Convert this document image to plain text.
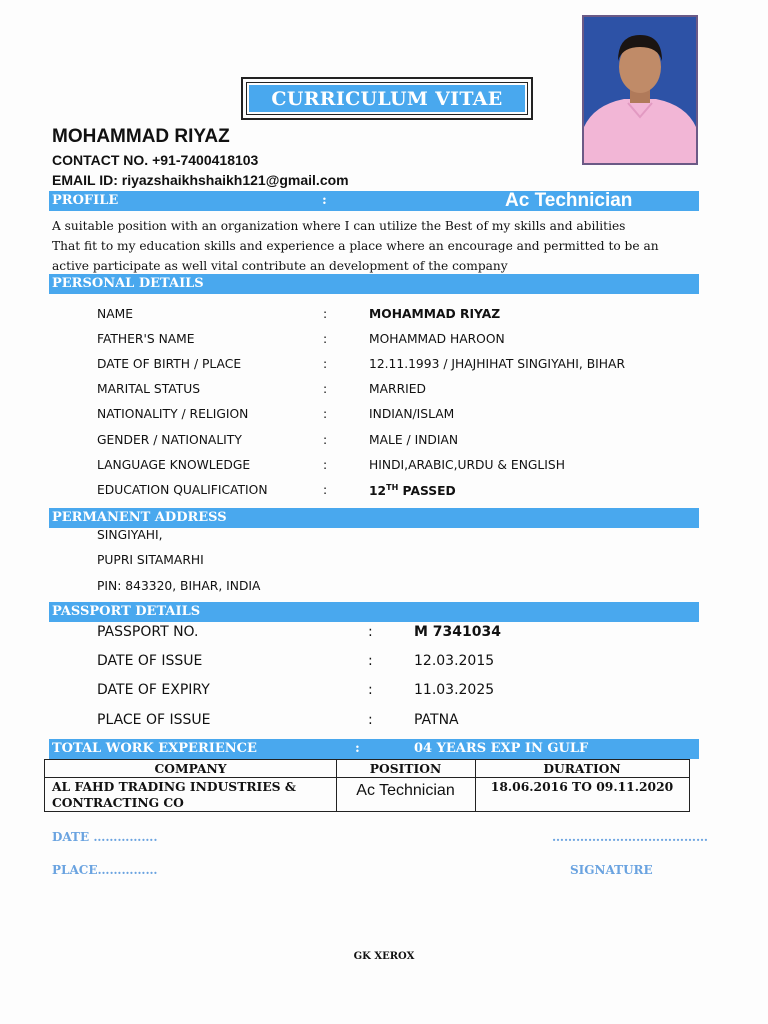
CURRICULUM VITAE
MOHAMMAD RIYAZ
CONTACT NO. +91-7400418103
EMAIL ID: riyazshaikhshaikh121@gmail.com
PROFILE	:	Ac Technician
A suitable position with an organization where I can utilize the Best of my skills and abilities
That fit to my education skills and experience a place where an encourage and permitted to be an
active participate as well vital contribute an development of the company
PERSONAL DETAILS
NAME	:	MOHAMMAD RIYAZ
FATHER'S NAME	:	MOHAMMAD HAROON
DATE OF BIRTH / PLACE	:	12.11.1993 / JHAJHIHAT SINGIYAHI, BIHAR
MARITAL STATUS	:	MARRIED
NATIONALITY / RELIGION	:	INDIAN/ISLAM
GENDER / NATIONALITY	:	MALE / INDIAN
LANGUAGE KNOWLEDGE	:	HINDI,ARABIC,URDU & ENGLISH
EDUCATION QUALIFICATION	:	12TH PASSED
PERMANENT ADDRESS
SINGIYAHI,
PUPRI SITAMARHI
PIN: 843320, BIHAR, INDIA
PASSPORT DETAILS
PASSPORT NO.	:	M 7341034
DATE OF ISSUE	:	12.03.2015
DATE OF EXPIRY	:	11.03.2025
PLACE OF ISSUE	:	PATNA
TOTAL WORK EXPERIENCE	:	04 YEARS EXP IN GULF
COMPANY	POSITION	DURATION
AL FAHD TRADING INDUSTRIES &
CONTRACTING CO
Ac Technician	18.06.2016 TO 09.11.2020
DATE …………….
PLACE……………
…………………………………
SIGNATURE
GK XEROX
